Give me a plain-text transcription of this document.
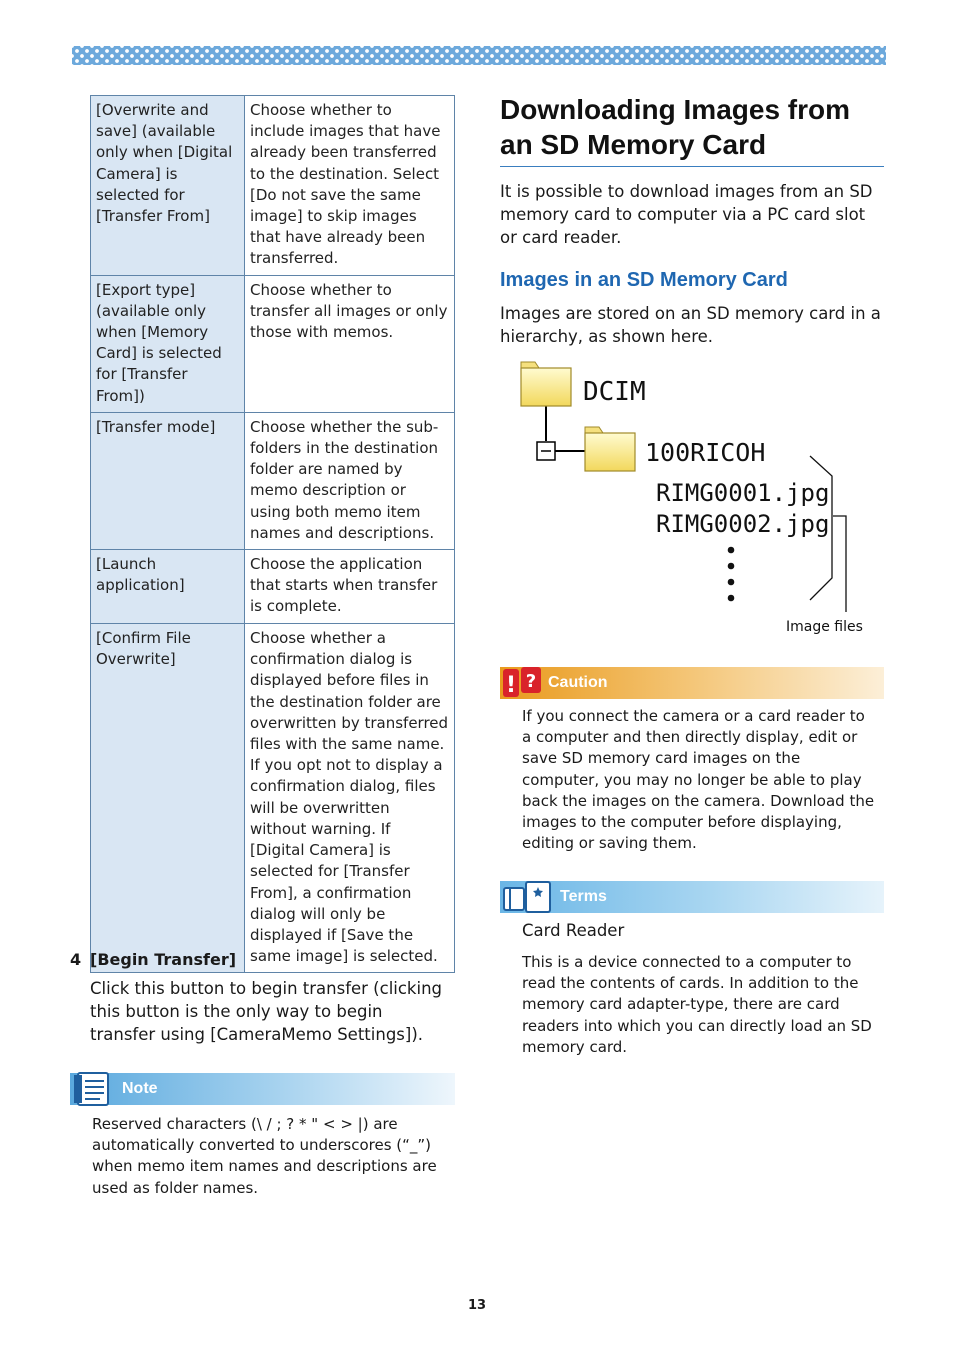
[Overwrite and save] (available only when [Digital Camera] is selected for [Transfer From]	Choose whether to include images that have already been transferred to the destination. Select [Do not save the same image] to skip images that have already been transferred.
[Export type] (available only when [Memory Card] is selected for [Transfer From])	Choose whether to transfer all images or only those with memos.
[Transfer mode]	Choose whether the sub-folders in the destination folder are named by memo description or using both memo item names and descriptions.
[Launch application]	Choose the application that starts when transfer is complete.
[Confirm File Overwrite]	Choose whether a confirmation dialog is displayed before files in the destination folder are overwritten by transferred files with the same name. If you opt not to display a confirmation dialog, files will be overwritten without warning. If [Digital Camera] is selected for [Transfer From], a confirmation dialog will only be displayed if [Save the same image] is selected.
4 [Begin Transfer]
Click this button to begin transfer (clicking this button is the only way to begin transfer using [CameraMemo Settings]).
Note
Reserved characters (\ / ; ? * " < > |) are automatically converted to underscores (“_”) when memo item names and descriptions are used as folder names.
Downloading Images from an SD Memory Card
It is possible to download images from an SD memory card to computer via a PC card slot or card reader.
Images in an SD Memory Card
Images are stored on an SD memory card in a hierarchy, as shown here.
DCIM
100RICOH
RIMG0001.jpg
RIMG0002.jpg
Image files
! ? Caution
If you connect the camera or a card reader to a computer and then directly display, edit or save SD memory card images on the computer, you may no longer be able to play back the images on the camera. Download the images to the computer before displaying, editing or saving them.
Terms
Card Reader
This is a device connected to a computer to read the contents of cards. In addition to the memory card adapter-type, there are card readers into which you can directly load an SD memory card.
13
